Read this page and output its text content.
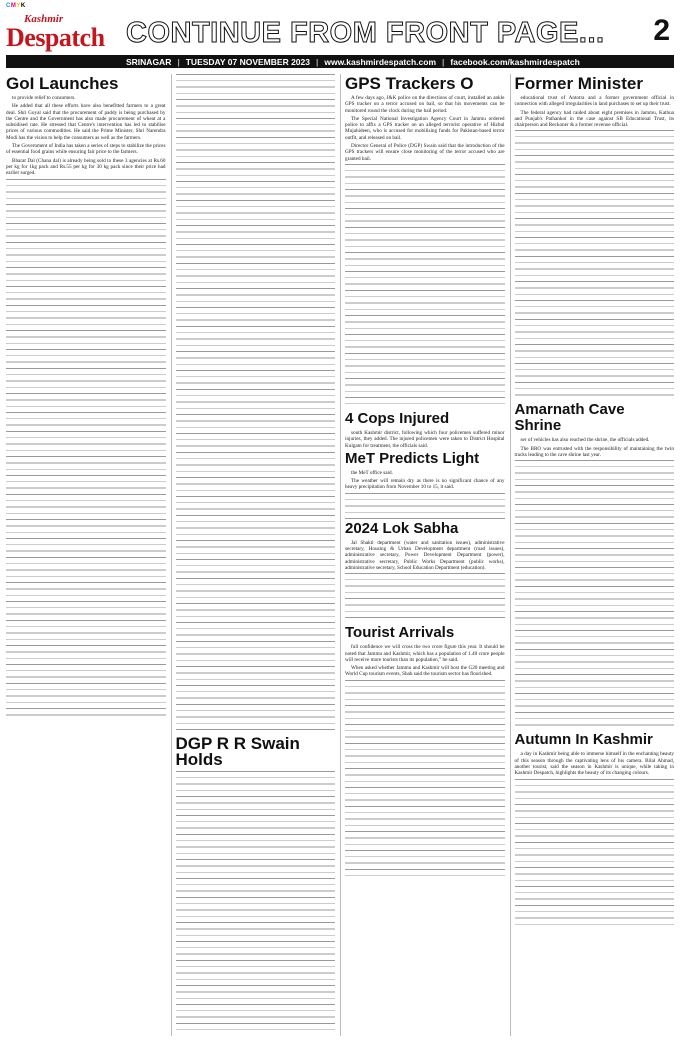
CMYK
Kashmir
Despatch CONTINUE FROM FRONT PAGE...	2
SRINAGAR | TUESDAY 07 NOVEMBER 2023 | www.kashmirdespatch.com | facebook.com/kashmirdespatch
GoI Launches

to provide relief to consumers.

He added that all these efforts have also benefitted farmers to a great deal. Shri Goyal said that the procurement of paddy is being purchased by the Centre and the Government has also made procurement of wheat at a subsidised rate. He stressed that Centre's intervention has led to stabilise prices of various commodities. He said the Prime Minister, Shri Narendra Modi has the vision to help the consumers as well as the farmers.

The Government of India has taken a series of steps to stabilize the prices of essential food grains while ensuring fair price to the farmers.

Bharat Dal (Chana dal) is already being sold to these 3 agencies at Rs.60 per kg for 1kg pack and Rs.55 per kg for 30 kg pack since their price had earlier surged.

DGP R R Swain Holds
GPS Trackers O

A few days ago, J&K police on the directions of court, installed an ankle GPS tracker on a terror accused on bail, so that his movements can be monitored round the clock during the bail period.

The Special National Investigation Agency Court in Jammu ordered police to affix a GPS tracker on an alleged terrorist operative of Hizbul Mujahideen, who is accused for mobilising funds for Pakistan-based terror outfit, and released on bail.

Director General of Police (DGP) Swain said that the introduction of the GPS trackers will ensure close monitoring of the terror accused who are granted bail.

4 Cops Injured

south Kashmir district, following which four policemen suffered minor injuries, they added. The injured policemen were taken to District Hospital Kulgam for treatment, the officials said.

MeT Predicts Light

the MeT office said.

The weather will remain dry as there is no significant chance of any heavy precipitation from November 10 to 15, it said.

2024 Lok Sabha

Jal Shakti department (water and sanitation issues), administrative secretary, Housing & Urban Development department (road issues), administrative secretary, Power Development Department (power), administrative secretary, Public Works Department (public works), administrative secretary, School Education Department (education).

Tourist Arrivals

full confidence we will cross the two crore figure this year. It should be noted that Jammu and Kashmir, which has a population of 1.40 crore people will receive more tourists than its population," he said.

When asked whether Jammu and Kashmir will host the G20 meeting and World Cup tourism events, Shah said the tourism sector has flourished.

Former Minister

educational trust of Antotra and a former government official in connection with alleged irregularities in land purchases to set up their trust.

The federal agency had raided about eight premises in Jammu, Kathua and Punjab's Pathankot in the case against SB Educational Trust, its chairperson and Reckoner & a former revenue official.

Amarnath Cave Shrine

ser of vehicles has also reached the shrine, the officials added.

The BRO was entrusted with the responsibility of maintaining the twin tracks leading to the cave shrine last year.

Autumn In Kashmir

a day in Kashmir being able to immerse himself in the enchanting beauty of this season through the captivating lens of his camera. Bilal Ahmad, another tourist, said the season in Kashmir is unique, while taking in Kashmir Despatch, highlights the beauty of its changing colours.
